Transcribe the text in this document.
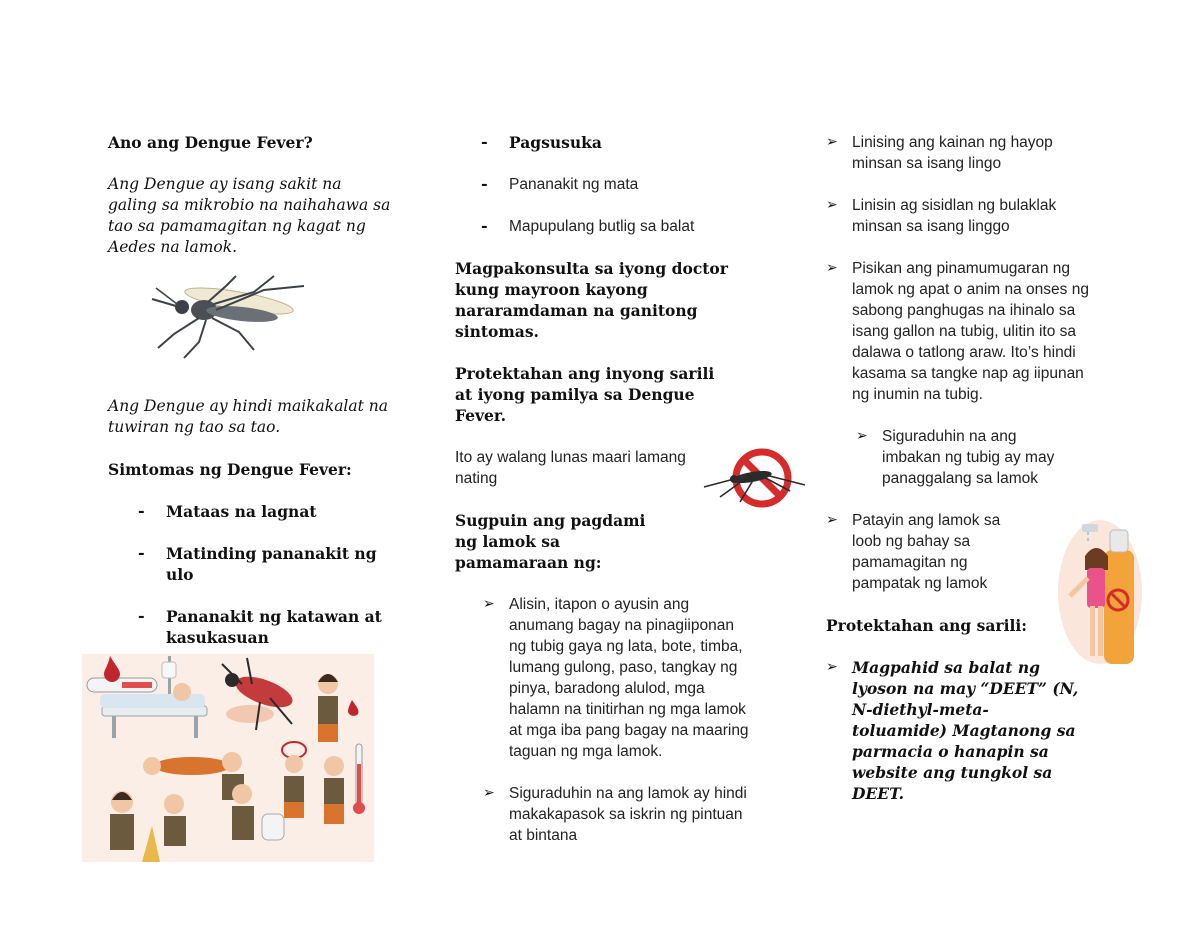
Ano ang Dengue Fever?

Ang Dengue ay isang sakit na galing sa mikrobio na naihahawa sa tao sa pamamagitan ng kagat ng Aedes na lamok.

Ang Dengue ay hindi maikakalat na tuwiran ng tao sa tao.

Simtomas ng Dengue Fever:

-	Mataas na lagnat

-	Matinding pananakit ng ulo

-	Pananakit ng katawan at kasukasuan

-	Pagsusuka

-	Pananakit ng mata

-	Mapupulang butlig sa balat

Magpakonsulta sa iyong doctor kung mayroon kayong nararamdaman na ganitong sintomas.

Protektahan ang inyong sarili at iyong pamilya sa Dengue Fever.

Ito ay walang lunas maari lamang nating

Sugpuin ang pagdami ng lamok sa pamamaraan ng:

➢ Alisin, itapon o ayusin ang anumang bagay na pinagiiponan ng tubig gaya ng lata, bote, timba, lumang gulong, paso, tangkay ng pinya, baradong alulod, mga halamn na tinitirhan ng mga lamok at mga iba pang bagay na maaring taguan ng mga lamok.

➢ Siguraduhin na ang lamok ay hindi makakapasok sa iskrin ng pintuan at bintana

➢ Linising ang kainan ng hayop minsan sa isang lingo

➢ Linisin ag sisidlan ng bulaklak minsan sa isang linggo

➢ Pisikan ang pinamumugaran ng lamok ng apat o anim na onses ng sabong panghugas na ihinalo sa isang gallon na tubig, ulitin ito sa dalawa o tatlong araw. Ito’s hindi kasama sa tangke nap ag iipunan ng inumin na tubig.

➢ Siguraduhin na ang imbakan ng tubig ay may panaggalang sa lamok

➢ Patayin ang lamok sa loob ng bahay sa pamamagitan ng pampatak ng lamok

Protektahan ang sarili:

➢ Magpahid sa balat ng lyoson na may “DEET” (N, N-diethyl-meta- toluamide) Magtanong sa parmacia o hanapin sa website ang tungkol sa DEET.
